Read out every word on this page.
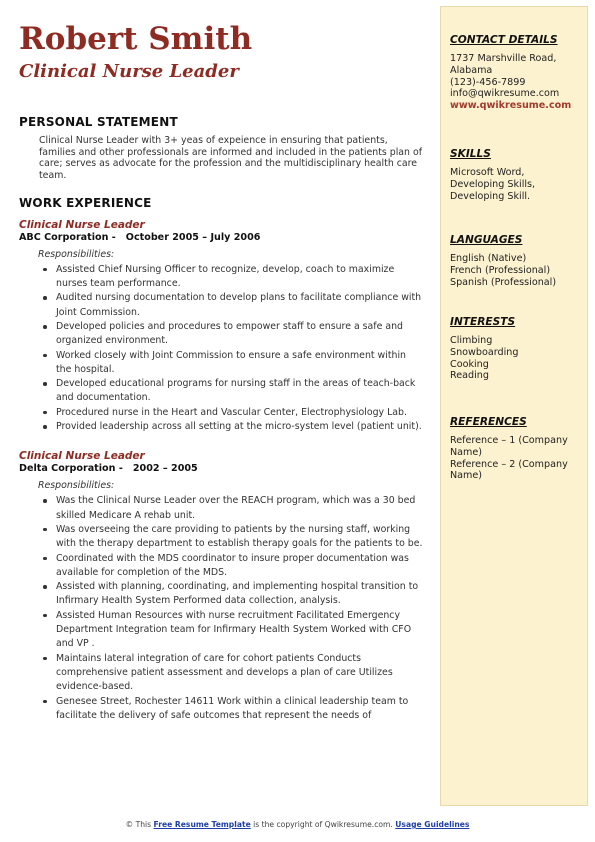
Robert Smith
Clinical Nurse Leader
PERSONAL STATEMENT

Clinical Nurse Leader with 3+ yeas of expeience in ensuring that patients, families and other professionals are informed and included in the patients plan of care; serves as advocate for the profession and the multidisciplinary health care team.

WORK EXPERIENCE
Clinical Nurse Leader
ABC Corporation - October 2005 – July 2006
Responsibilities:
Assisted Chief Nursing Officer to recognize, develop, coach to maximize nurses team performance.
Audited nursing documentation to develop plans to facilitate compliance with Joint Commission.
Developed policies and procedures to empower staff to ensure a safe and organized environment.
Worked closely with Joint Commission to ensure a safe environment within the hospital.
Developed educational programs for nursing staff in the areas of teach-back and documentation.
Procedured nurse in the Heart and Vascular Center, Electrophysiology Lab.
Provided leadership across all setting at the micro-system level (patient unit).
Clinical Nurse Leader
Delta Corporation - 2002 – 2005
Responsibilities:
Was the Clinical Nurse Leader over the REACH program, which was a 30 bed skilled Medicare A rehab unit.
Was overseeing the care providing to patients by the nursing staff, working with the therapy department to establish therapy goals for the patients to be.
Coordinated with the MDS coordinator to insure proper documentation was available for completion of the MDS.
Assisted with planning, coordinating, and implementing hospital transition to Infirmary Health System Performed data collection, analysis.
Assisted Human Resources with nurse recruitment Facilitated Emergency Department Integration team for Infirmary Health System Worked with CFO and VP .
Maintains lateral integration of care for cohort patients Conducts comprehensive patient assessment and develops a plan of care Utilizes evidence-based.
Genesee Street, Rochester 14611 Work within a clinical leadership team to facilitate the delivery of safe outcomes that represent the needs of
CONTACT DETAILS
1737 Marshville Road,
Alabama
(123)-456-7899
info@qwikresume.com
www.qwikresume.com
SKILLS
Microsoft Word,
Developing Skills,
Developing Skill.
LANGUAGES
English (Native)
French (Professional)
Spanish (Professional)
INTERESTS
Climbing
Snowboarding
Cooking
Reading
REFERENCES
Reference – 1 (Company Name)
Reference – 2 (Company Name)
© This Free Resume Template is the copyright of Qwikresume.com. Usage Guidelines
